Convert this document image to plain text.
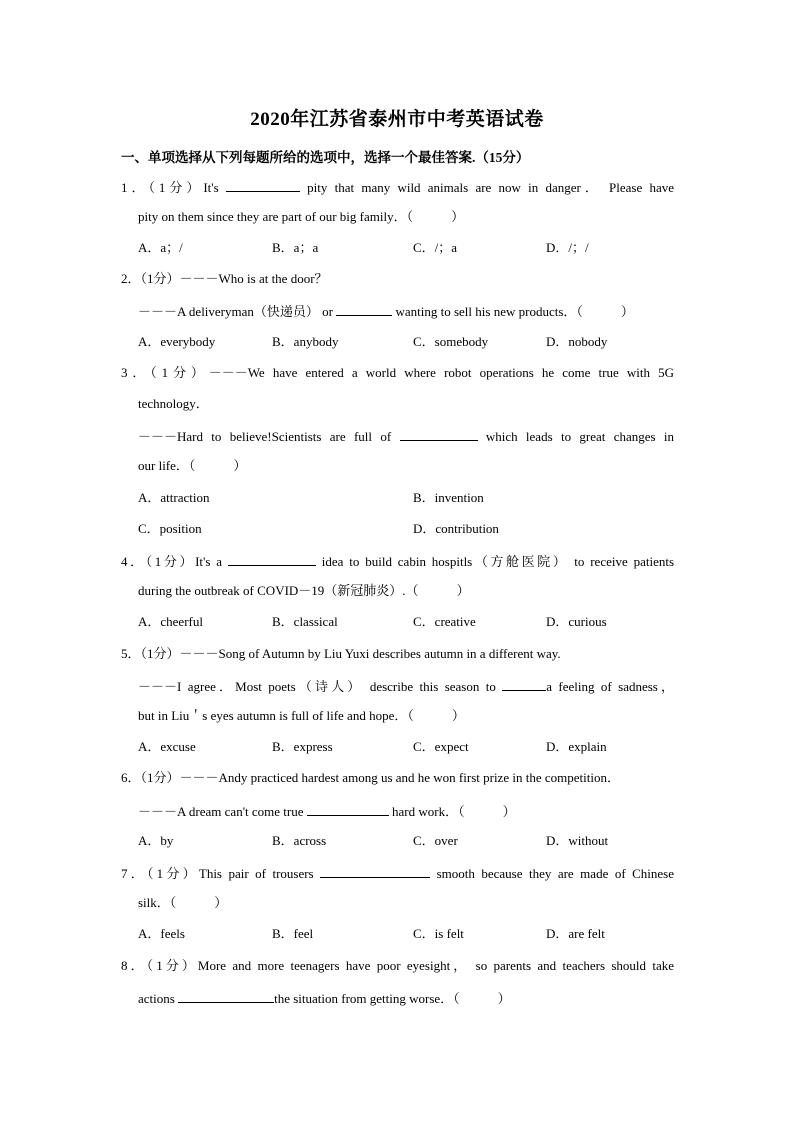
2020年江苏省泰州市中考英语试卷
一、单项选择从下列每题所给的选项中，选择一个最佳答案.（15分）
1．（1分）It's	pity that many wild animals are now in danger． Please have
pity on them since they are part of our big family．（	）
A．a；/	B．a；a	C．/；a	D．/；/
2．（1分）－－－Who is at the door？
－－－A deliveryman（快递员） or	wanting to sell his new products．（	）
A．everybody	B．anybody	C．somebody	D．nobody
3．（1分）－－－We have entered a world where robot operations he come true with 5G
technology．
－－－Hard to believe!Scientists are full of	which leads to great changes in
our life．（	）
A．attraction	B．invention
C．position	D．contribution
4．（1分）It's a	idea to build cabin hospitls（方舱医院） to receive patients
during the outbreak of COVID－19（新冠肺炎）.（	）
A．cheerful	B．classical	C．creative	D．curious
5．（1分）－－－Song of Autumn by Liu Yuxi describes autumn in a different way.
－－－I agree．Most poets（诗人） describe this season to	a feeling of sadness，
but in Liu＇s eyes autumn is full of life and hope．（	）
A．excuse	B．express	C．expect	D．explain
6．（1分）－－－Andy practiced hardest among us and he won first prize in the competition．
－－－A dream can't come true	hard work．（	）
A．by	B．across	C．over	D．without
7．（1分）This pair of trousers	smooth because they are made of Chinese
silk．（	）
A．feels	B．feel	C．is felt	D．are felt
8．（1分）More and more teenagers have poor eyesight， so parents and teachers should take
actions	the situation from getting worse．（	）
